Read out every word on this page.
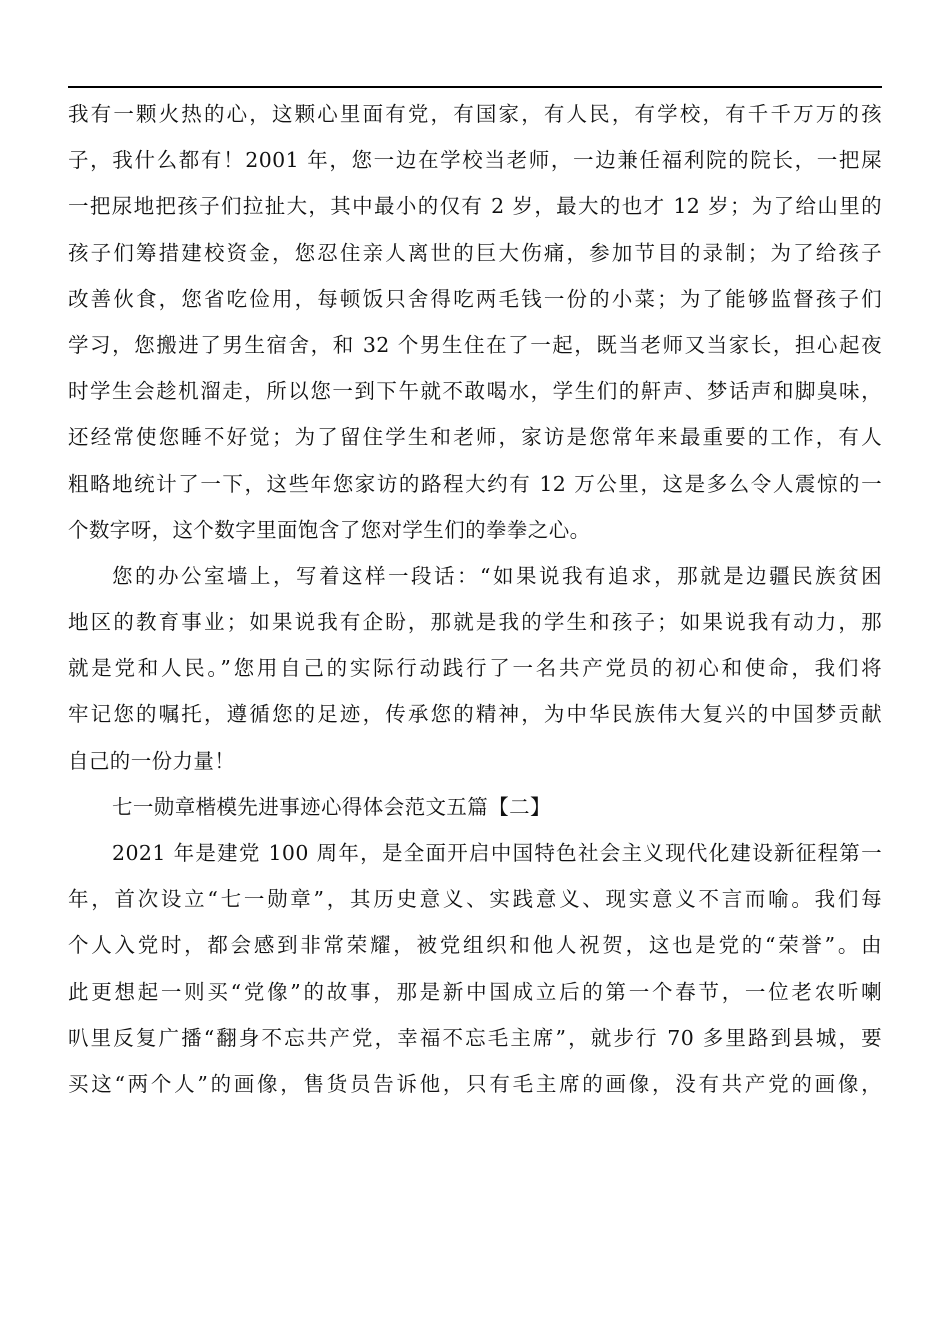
我有一颗火热的心，这颗心里面有党，有国家，有人民，有学校，有千千万万的孩
子，我什么都有！2001 年，您一边在学校当老师，一边兼任福利院的院长，一把屎
一把尿地把孩子们拉扯大，其中最小的仅有 2 岁，最大的也才 12 岁；为了给山里的
孩子们筹措建校资金，您忍住亲人离世的巨大伤痛，参加节目的录制；为了给孩子
改善伙食，您省吃俭用，每顿饭只舍得吃两毛钱一份的小菜；为了能够监督孩子们
学习，您搬进了男生宿舍，和 32 个男生住在了一起，既当老师又当家长，担心起夜
时学生会趁机溜走，所以您一到下午就不敢喝水，学生们的鼾声、梦话声和脚臭味，
还经常使您睡不好觉；为了留住学生和老师，家访是您常年来最重要的工作，有人
粗略地统计了一下，这些年您家访的路程大约有 12 万公里，这是多么令人震惊的一
个数字呀，这个数字里面饱含了您对学生们的拳拳之心。
您的办公室墙上，写着这样一段话：“如果说我有追求，那就是边疆民族贫困
地区的教育事业；如果说我有企盼，那就是我的学生和孩子；如果说我有动力，那
就是党和人民。”您用自己的实际行动践行了一名共产党员的初心和使命，我们将
牢记您的嘱托，遵循您的足迹，传承您的精神，为中华民族伟大复兴的中国梦贡献
自己的一份力量！
七一勋章楷模先进事迹心得体会范文五篇【二】
2021 年是建党 100 周年，是全面开启中国特色社会主义现代化建设新征程第一
年，首次设立“七一勋章”，其历史意义、实践意义、现实意义不言而喻。我们每
个人入党时，都会感到非常荣耀，被党组织和他人祝贺，这也是党的“荣誉”。由
此更想起一则买“党像”的故事，那是新中国成立后的第一个春节，一位老农听喇
叭里反复广播“翻身不忘共产党，幸福不忘毛主席”，就步行 70 多里路到县城，要
买这“两个人”的画像，售货员告诉他，只有毛主席的画像，没有共产党的画像，
